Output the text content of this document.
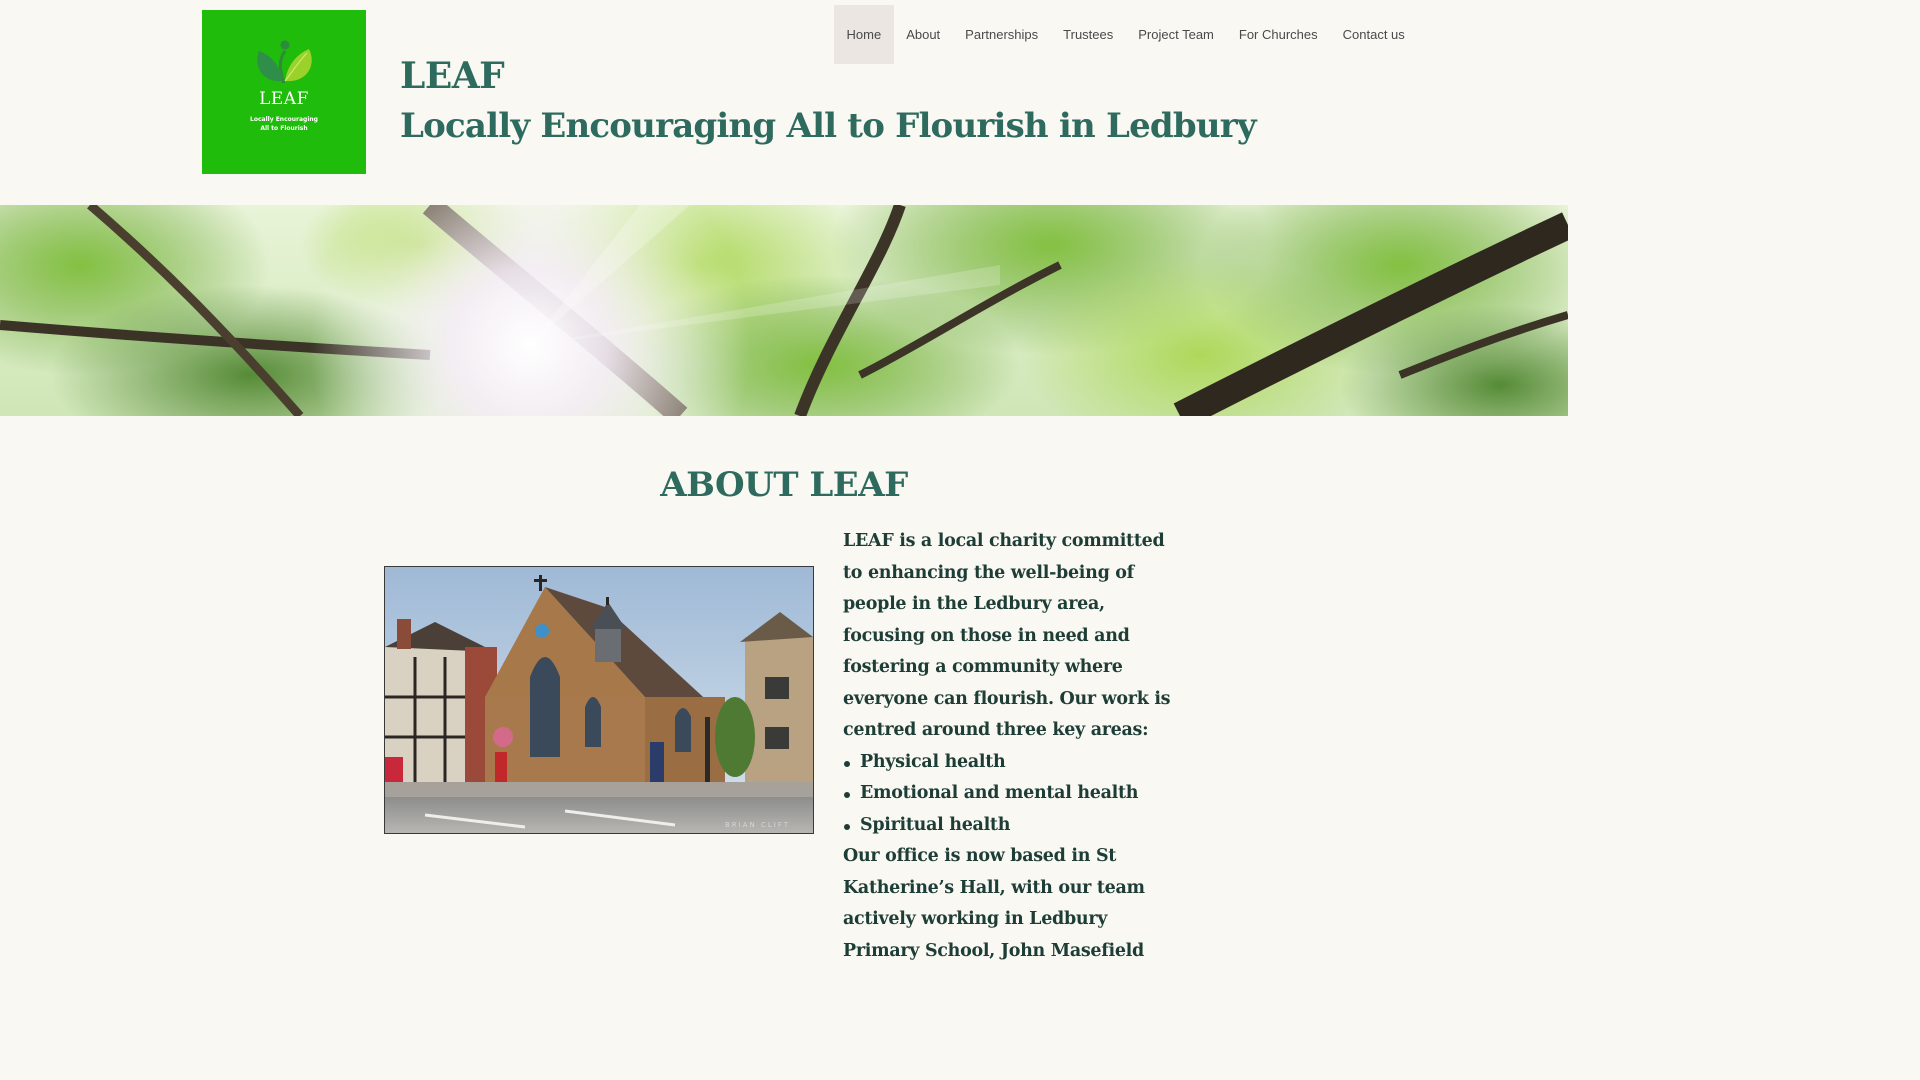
LEAF
Locally Encouraging
All to Flourish
LEAF
Locally Encouraging All to Flourish in Ledbury
Home	About	Partnerships	Trustees	Project Team	For Churches	Contact us
ABOUT LEAF
BRIAN CLIFT

LEAF is a local charity committed to enhancing the well-being of people in the Ledbury area, focusing on those in need and fostering a community where everyone can flourish. Our work is centred around three key areas:

Physical health
Emotional and mental health
Spiritual health

Our office is now based in St Katherine’s Hall, with our team actively working in Ledbury Primary School, John Masefield
